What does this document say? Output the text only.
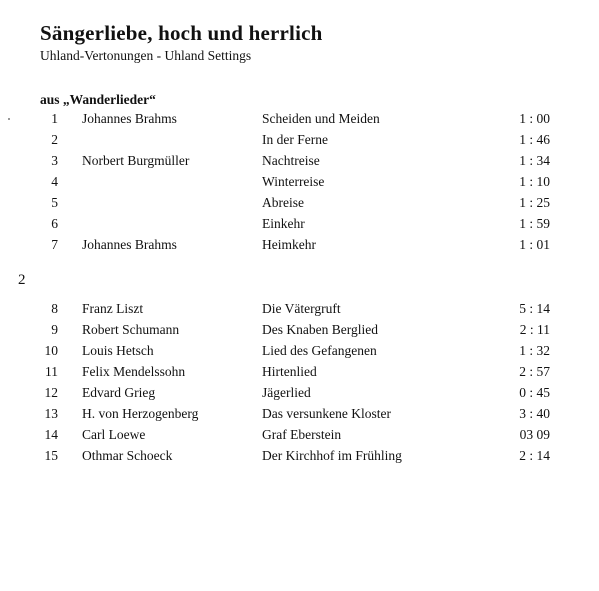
Sängerliebe, hoch und herrlich
Uhland-Vertonungen - Uhland Settings
aus „Wanderlieder“
2
1 Johannes Brahms	Scheiden und Meiden	1 : 00
2	In der Ferne	1 : 46
3 Norbert Burgmüller	Nachtreise	1 : 34
4	Winterreise	1 : 10
5	Abreise	1 : 25
6	Einkehr	1 : 59
7 Johannes Brahms	Heimkehr	1 : 01
8 Franz Liszt	Die Vätergruft	5 : 14
9 Robert Schumann	Des Knaben Berglied	2 : 11
10 Louis Hetsch	Lied des Gefangenen	1 : 32
11 Felix Mendelssohn	Hirtenlied	2 : 57
12 Edvard Grieg	Jägerlied	0 : 45
13 H. von Herzogenberg	Das versunkene Kloster	3 : 40
14 Carl Loewe	Graf Eberstein	03 09
15 Othmar Schoeck	Der Kirchhof im Frühling	2 : 14
